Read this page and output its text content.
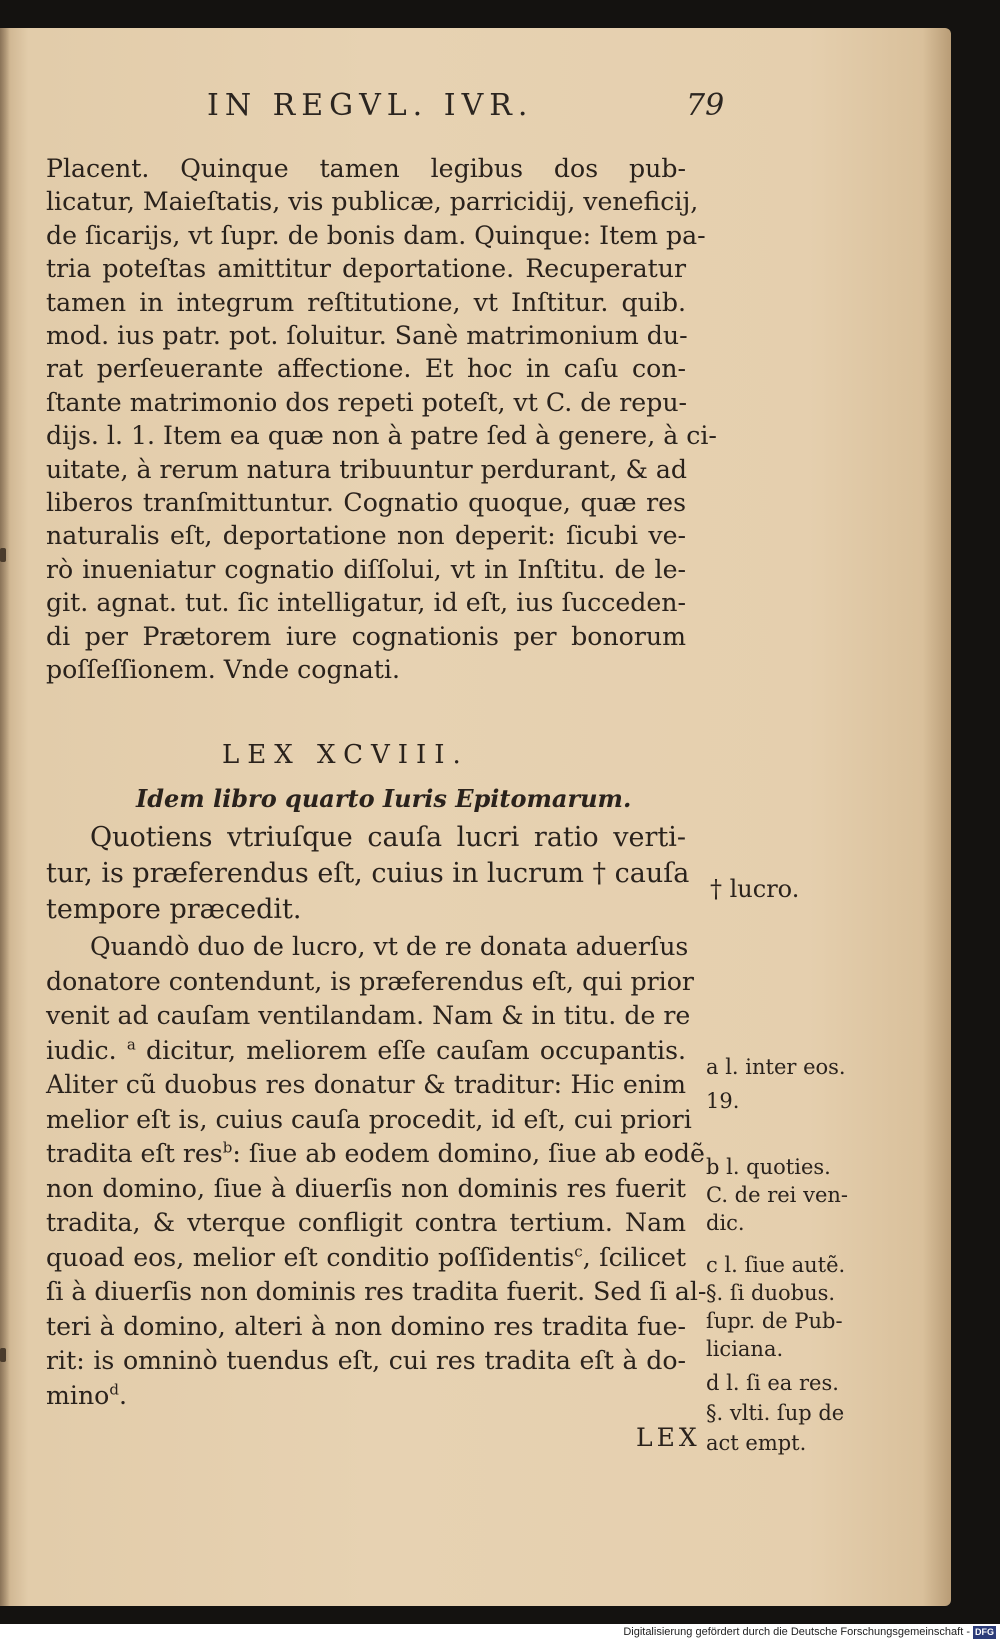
IN REGVL. IVR.	79
Placent. Quinque tamen legibus dos pub-
licatur, Maieſtatis, vis publicæ, parricidij, veneficij,
de ſicarijs, vt ſupr. de bonis dam. Quinque: Item pa-
tria poteſtas amittitur deportatione. Recuperatur
tamen in integrum reſtitutione, vt Inſtitur. quib.
mod. ius patr. pot. ſoluitur. Sanè matrimonium du-
rat perſeuerante affectione. Et hoc in caſu con-
ſtante matrimonio dos repeti poteſt, vt C. de repu-
dijs. l. 1. Item ea quæ non à patre ſed à genere, à ci-
uitate, à rerum natura tribuuntur perdurant, & ad
liberos tranſmittuntur. Cognatio quoque, quæ res
naturalis eſt, deportatione non deperit: ſicubi ve-
rò inueniatur cognatio diſſolui, vt in Inſtitu. de le-
git. agnat. tut. ſic intelligatur, id eſt, ius ſucceden-
di per Prætorem iure cognationis per bonorum
poſſeſſionem. Vnde cognati.
LEX XCVIII.
Idem libro quarto Iuris Epitomarum.
Quotiens vtriuſque cauſa lucri ratio verti-
tur, is præferendus eſt, cuius in lucrum † cauſa
tempore præcedit.
Quandò duo de lucro, vt de re donata aduerſus
donatore contendunt, is præferendus eſt, qui prior
venit ad cauſam ventilandam. Nam & in titu. de re
iudic. $^a$ dicitur, meliorem eſſe cauſam occupantis.
Aliter cũ duobus res donatur & traditur: Hic enim
melior eſt is, cuius cauſa procedit, id eſt, cui priori
tradita eſt res$^b$: ſiue ab eodem domino, ſiue ab eodẽ
non domino, ſiue à diuerſis non dominis res fuerit
tradita, & vterque confligit contra tertium. Nam
quoad eos, melior eſt conditio poſſidentis$^c$, ſcilicet
ſi à diuerſis non dominis res tradita fuerit. Sed ſi al-
teri à domino, alteri à non domino res tradita fue-
rit: is omninò tuendus eſt, cui res tradita eſt à do-
mino$^d$.
† lucro.
a l. inter eos.
19.
b l. quoties.
C. de rei ven-
dic.
c l. ſiue autẽ.
§. ſi duobus.
ſupr. de Pub-
liciana.
d l. ſi ea res.
§. vlti. ſup de
act empt.
LEX
Digitalisierung gefördert durch die Deutsche Forschungsgemeinschaft - DFG
